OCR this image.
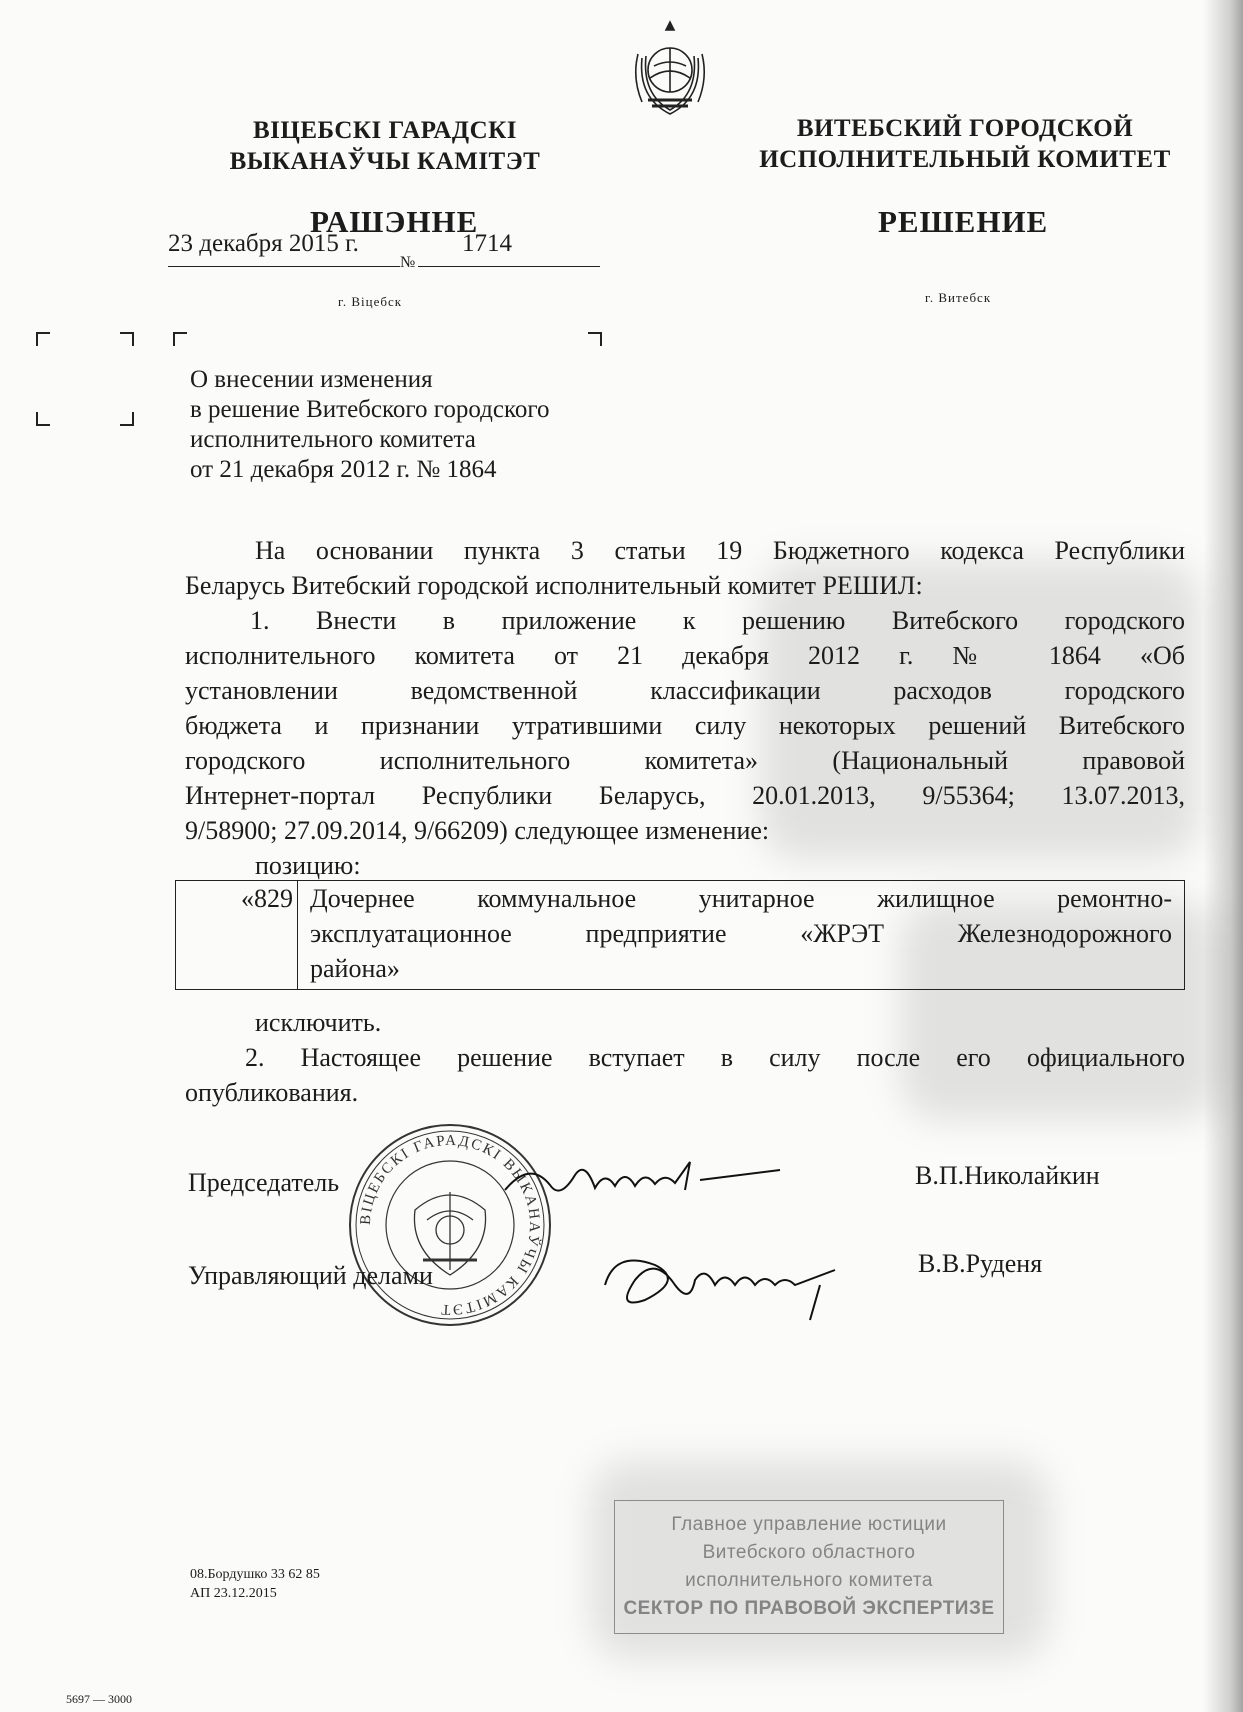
ВІЦЕБСКІ ГАРАДСКІ
ВЫКАНАЎЧЫ КАМІТЭТ
ВИТЕБСКИЙ ГОРОДСКОЙ
ИСПОЛНИТЕЛЬНЫЙ КОМИТЕТ
РАШЭННЕ	РЕШЕНИЕ
23 декабря 2015 г.	1714
№
г. Віцебск	г. Витебск
О внесении изменения
в решение Витебского городского
исполнительного комитета
от 21 декабря 2012 г. № 1864
На основании пункта 3 статьи 19 Бюджетного кодекса Республики
Беларусь Витебский городской исполнительный комитет РЕШИЛ:
1. Внести в приложение к решению Витебского городского
исполнительного комитета от 21 декабря 2012 г. № 1864 «Об
установлении ведомственной классификации расходов городского
бюджета и признании утратившими силу некоторых решений Витебского
городского исполнительного комитета» (Национальный правовой
Интернет-портал Республики Беларусь, 20.01.2013, 9/55364; 13.07.2013,
9/58900; 27.09.2014, 9/66209) следующее изменение:
позицию:
«829 Дочернее коммунальное унитарное жилищное ремонтно-
эксплуатационное предприятие «ЖРЭТ Железнодорожного
района»
исключить.
2. Настоящее решение вступает в силу после его официального
опубликования.
ВІЦЕБСКІ ГАРАДСКІ ВЫКАНАЎЧЫ КАМІТЭТ
Председатель	В.П.Николайкин
Управляющий делами	В.В.Руденя
08.Бордушко 33 62 85
АП 23.12.2015
5697 — 3000
Главное управление юстиции
Витебского областного
исполнительного комитета
СЕКТОР ПО ПРАВОВОЙ ЭКСПЕРТИЗЕ
